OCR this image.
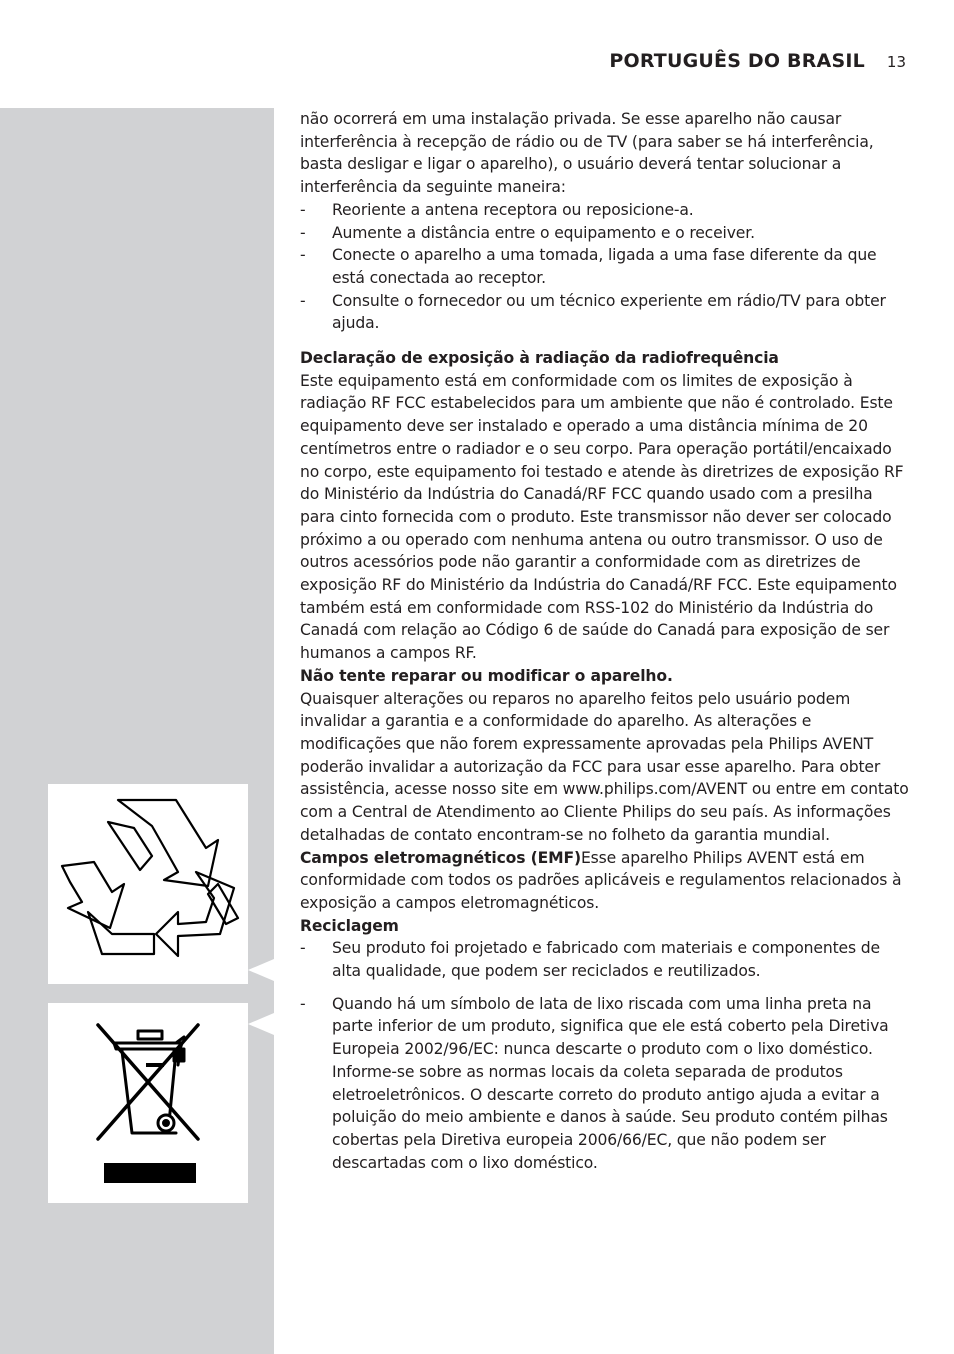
PORTUGUÊS DO BRASIL 13

não ocorrerá em uma instalação privada. Se esse aparelho não causar interferência à recepção de rádio ou de TV (para saber se há interferência, basta desligar e ligar o aparelho), o usuário deverá tentar solucionar a interferência da seguinte maneira:

- Reoriente a antena receptora ou reposicione-a.
- Aumente a distância entre o equipamento e o receiver.
- Conecte o aparelho a uma tomada, ligada a uma fase diferente da que está conectada ao receptor.
- Consulte o fornecedor ou um técnico experiente em rádio/TV para obter ajuda.

Declaração de exposição à radiação da radiofrequência

Este equipamento está em conformidade com os limites de exposição à radiação RF FCC estabelecidos para um ambiente que não é controlado. Este equipamento deve ser instalado e operado a uma distância mínima de 20 centímetros entre o radiador e o seu corpo. Para operação portátil/encaixado no corpo, este equipamento foi testado e atende às diretrizes de exposição RF do Ministério da Indústria do Canadá/RF FCC quando usado com a presilha para cinto fornecida com o produto. Este transmissor não dever ser colocado próximo a ou operado com nenhuma antena ou outro transmissor. O uso de outros acessórios pode não garantir a conformidade com as diretrizes de exposição RF do Ministério da Indústria do Canadá/RF FCC. Este equipamento também está em conformidade com RSS-102 do Ministério da Indústria do Canadá com relação ao Código 6 de saúde do Canadá para exposição de ser humanos a campos RF.

Não tente reparar ou modificar o aparelho.

Quaisquer alterações ou reparos no aparelho feitos pelo usuário podem invalidar a garantia e a conformidade do aparelho. As alterações e modificações que não forem expressamente aprovadas pela Philips AVENT poderão invalidar a autorização da FCC para usar esse aparelho. Para obter assistência, acesse nosso site em www.philips.com/AVENT ou entre em contato com a Central de Atendimento ao Cliente Philips do seu país. As informações detalhadas de contato encontram-se no folheto da garantia mundial.

Campos eletromagnéticos (EMF)Esse aparelho Philips AVENT está em conformidade com todos os padrões aplicáveis e regulamentos relacionados à exposição a campos eletromagnéticos.

Reciclagem

- Seu produto foi projetado e fabricado com materiais e componentes de alta qualidade, que podem ser reciclados e reutilizados.
- Quando há um símbolo de lata de lixo riscada com uma linha preta na parte inferior de um produto, significa que ele está coberto pela Diretiva Europeia 2002/96/EC: nunca descarte o produto com o lixo doméstico. Informe-se sobre as normas locais da coleta separada de produtos eletroeletrônicos. O descarte correto do produto antigo ajuda a evitar a poluição do meio ambiente e danos à saúde. Seu produto contém pilhas cobertas pela Diretiva europeia 2006/66/EC, que não podem ser descartadas com o lixo doméstico.
